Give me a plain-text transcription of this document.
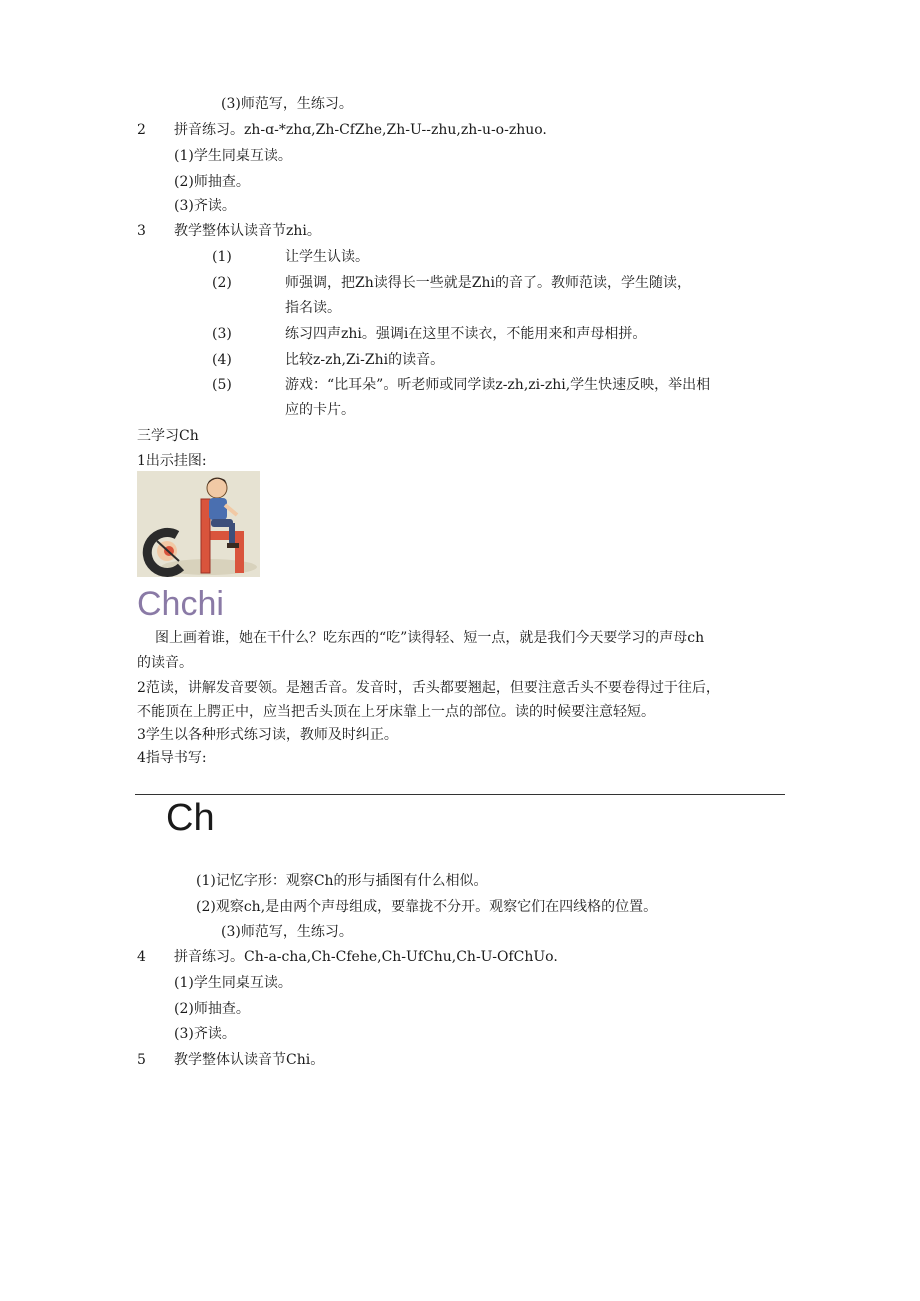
(3)师范写，生练习。
2 拼音练习。zh-ɑ-*zhɑ,Zh-CfZhe,Zh-U--zhu,zh-u-o-zhuo.
(1)学生同桌互读。
(2)师抽查。
(3)齐读。
3 教学整体认读音节zhi。
(1)	让学生认读。
(2)	师强调，把Zh读得长一些就是Zhi的音了。教师范读，学生随读，
指名读。
(3)	练习四声zhi。强调i在这里不读衣，不能用来和声母相拼。
(4)	比较z-zh,Zi-Zhi的读音。
(5)	游戏：“比耳朵”。听老师或同学读z-zh,zi-zhi,学生快速反映，举出相
应的卡片。
三学习Ch
1出示挂图:
Chchi
图上画着谁，她在干什么？吃东西的“吃”读得轻、短一点，就是我们今天要学习的声母ch
的读音。
2范读，讲解发音要领。是翘舌音。发音时，舌头都要翘起，但要注意舌头不要卷得过于往后，
不能顶在上腭正中，应当把舌头顶在上牙床靠上一点的部位。读的时候要注意轻短。
3学生以各种形式练习读，教师及时纠正。
4指导书写:
Ch
(1)记忆字形：观察Ch的形与插图有什么相似。
(2)观察ch,是由两个声母组成，要靠拢不分开。观察它们在四线格的位置。
(3)师范写，生练习。
4 拼音练习。Ch-a-cha,Ch-Cfehe,Ch-UfChu,Ch-U-OfChUo.
(1)学生同桌互读。
(2)师抽查。
(3)齐读。
5 教学整体认读音节Chi。
